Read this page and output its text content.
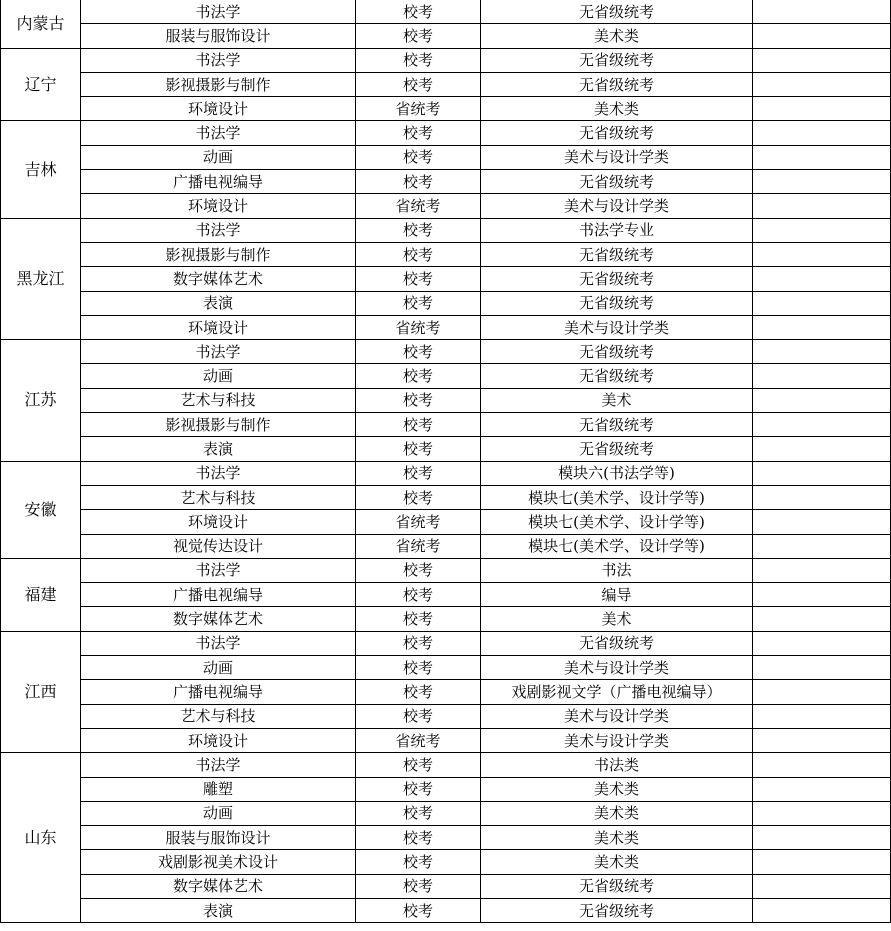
内蒙古	书法学	校考	无省级统考	
	服装与服饰设计	校考	美术类	
辽宁	书法学	校考	无省级统考	
	影视摄影与制作	校考	无省级统考	
	环境设计	省统考	美术类	
吉林	书法学	校考	无省级统考	
	动画	校考	美术与设计学类	
	广播电视编导	校考	无省级统考	
	环境设计	省统考	美术与设计学类	
黑龙江	书法学	校考	书法学专业	
	影视摄影与制作	校考	无省级统考	
	数字媒体艺术	校考	无省级统考	
	表演	校考	无省级统考	
	环境设计	省统考	美术与设计学类	
江苏	书法学	校考	无省级统考	
	动画	校考	无省级统考	
	艺术与科技	校考	美术	
	影视摄影与制作	校考	无省级统考	
	表演	校考	无省级统考	
安徽	书法学	校考	模块六(书法学等)	
	艺术与科技	校考	模块七(美术学、设计学等)	
	环境设计	省统考	模块七(美术学、设计学等)	
	视觉传达设计	省统考	模块七(美术学、设计学等)	
福建	书法学	校考	书法	
	广播电视编导	校考	编导	
	数字媒体艺术	校考	美术	
江西	书法学	校考	无省级统考	
	动画	校考	美术与设计学类	
	广播电视编导	校考	戏剧影视文学（广播电视编导）	
	艺术与科技	校考	美术与设计学类	
	环境设计	省统考	美术与设计学类	
山东	书法学	校考	书法类	
	雕塑	校考	美术类	
	动画	校考	美术类	
	服装与服饰设计	校考	美术类	
	戏剧影视美术设计	校考	美术类	
	数字媒体艺术	校考	无省级统考	
	表演	校考	无省级统考	
